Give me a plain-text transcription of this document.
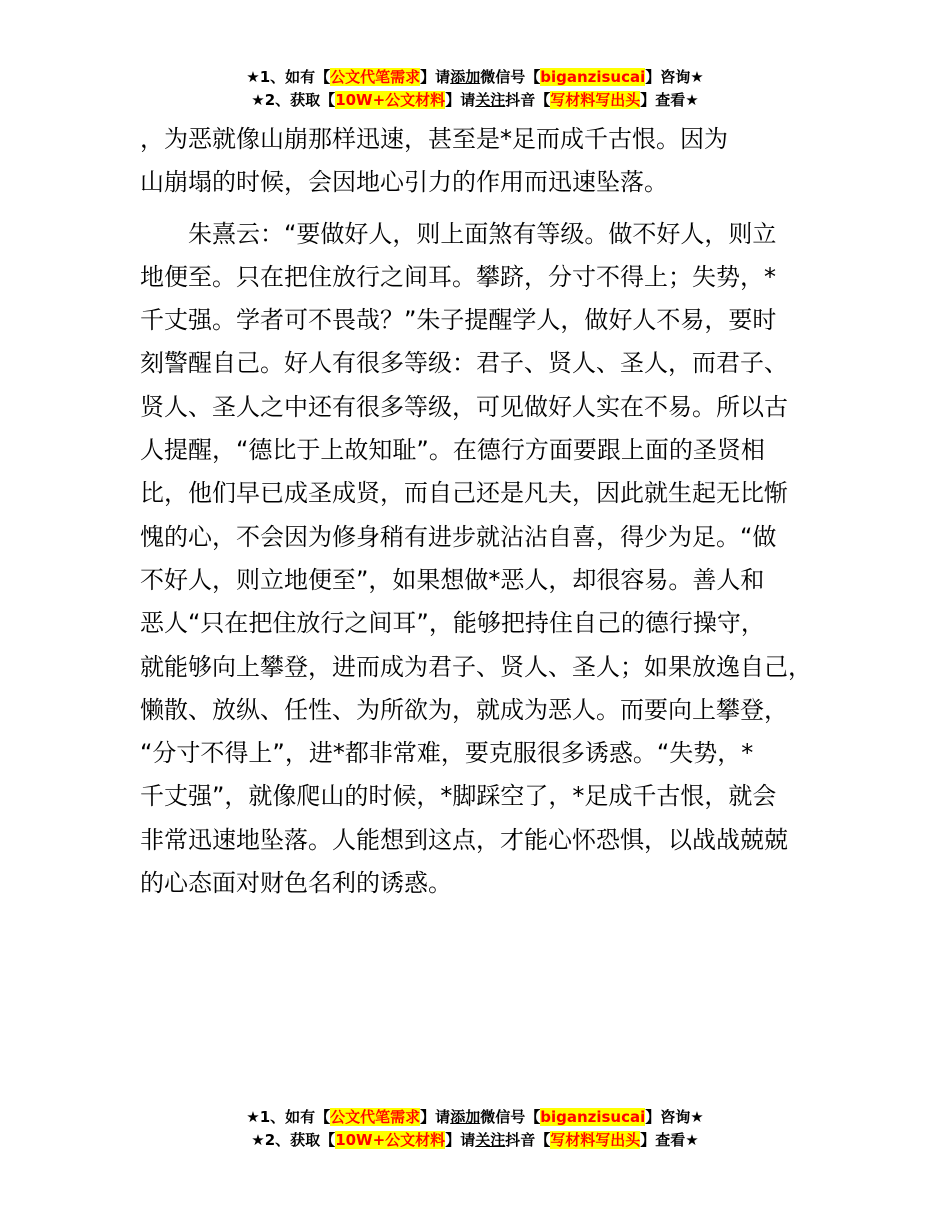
★1、如有【公文代笔需求】请添加微信号【biganzisucai】咨询★
★2、获取【10W+公文材料】请关注抖音【写材料写出头】查看★

，为恶就像山崩那样迅速，甚至是*足而成千古恨。因为
山崩塌的时候，会因地心引力的作用而迅速坠落。

朱熹云：“要做好人，则上面煞有等级。做不好人，则立
地便至。只在把住放行之间耳。攀跻，分寸不得上；失势，*
千丈强。学者可不畏哉？”朱子提醒学人，做好人不易，要时
刻警醒自己。好人有很多等级：君子、贤人、圣人，而君子、
贤人、圣人之中还有很多等级，可见做好人实在不易。所以古
人提醒，“德比于上故知耻”。在德行方面要跟上面的圣贤相
比，他们早已成圣成贤，而自己还是凡夫，因此就生起无比惭
愧的心，不会因为修身稍有进步就沾沾自喜，得少为足。“做
不好人，则立地便至”，如果想做*恶人，却很容易。善人和
恶人“只在把住放行之间耳”，能够把持住自己的德行操守，
就能够向上攀登，进而成为君子、贤人、圣人；如果放逸自己，
懒散、放纵、任性、为所欲为，就成为恶人。而要向上攀登，
“分寸不得上”，进*都非常难，要克服很多诱惑。“失势，*
千丈强”，就像爬山的时候，*脚踩空了，*足成千古恨，就会
非常迅速地坠落。人能想到这点，才能心怀恐惧，以战战兢兢
的心态面对财色名利的诱惑。

★1、如有【公文代笔需求】请添加微信号【biganzisucai】咨询★
★2、获取【10W+公文材料】请关注抖音【写材料写出头】查看★
